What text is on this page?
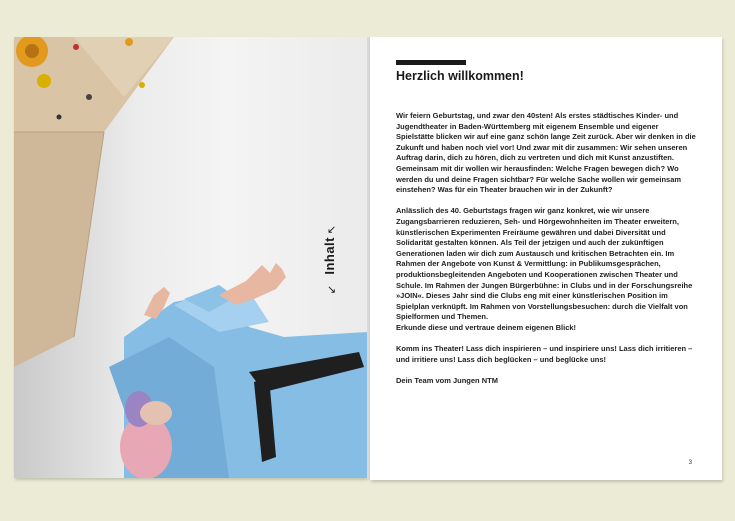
↙
Inhalt
↘
Herzlich willkommen!

Wir feiern Geburtstag, und zwar den 40sten! Als erstes städtisches Kinder- und Jugendtheater in Baden-Württemberg mit eigenem Ensemble und eigener Spielstätte blicken wir auf eine ganz schön lange Zeit zurück. Aber wir denken in die Zukunft und haben noch viel vor! Und zwar mit dir zusammen: Wir sehen unseren Auftrag darin, dich zu hören, dich zu vertreten und dich mit Kunst anzustiften. Gemeinsam mit dir wollen wir herausfinden: Welche Fragen bewegen dich? Wo werden du und deine Fragen sichtbar? Für welche Sache wollen wir gemeinsam einstehen? Was für ein Theater brauchen wir in der Zukunft?

Anlässlich des 40. Geburtstags fragen wir ganz konkret, wie wir unsere Zugangsbarrieren reduzieren, Seh- und Hörgewohnheiten im Theater erweitern, künstlerischen Experimenten Freiräume gewähren und dabei Diversität und Solidarität gestalten können. Als Teil der jetzigen und auch der zukünftigen Generationen laden wir dich zum Austausch und kritischen Betrachten ein. Im Rahmen der Angebote von Kunst & Vermittlung: in Publikumsgesprächen, produktionsbegleitenden Angeboten und Kooperationen zwischen Theater und Schule. Im Rahmen der Jungen Bürgerbühne: in Clubs und in der Forschungsreihe »JOIN«. Dieses Jahr sind die Clubs eng mit einer künstlerischen Position im Spielplan verknüpft. Im Rahmen von Vorstellungsbesuchen: durch die Vielfalt von Spielformen und Themen.

Erkunde diese und vertraue deinem eigenen Blick!

Komm ins Theater! Lass dich inspirieren – und inspiriere uns! Lass dich irritieren – und irritiere uns! Lass dich beglücken – und beglücke uns!

Dein Team vom Jungen NTM

3
